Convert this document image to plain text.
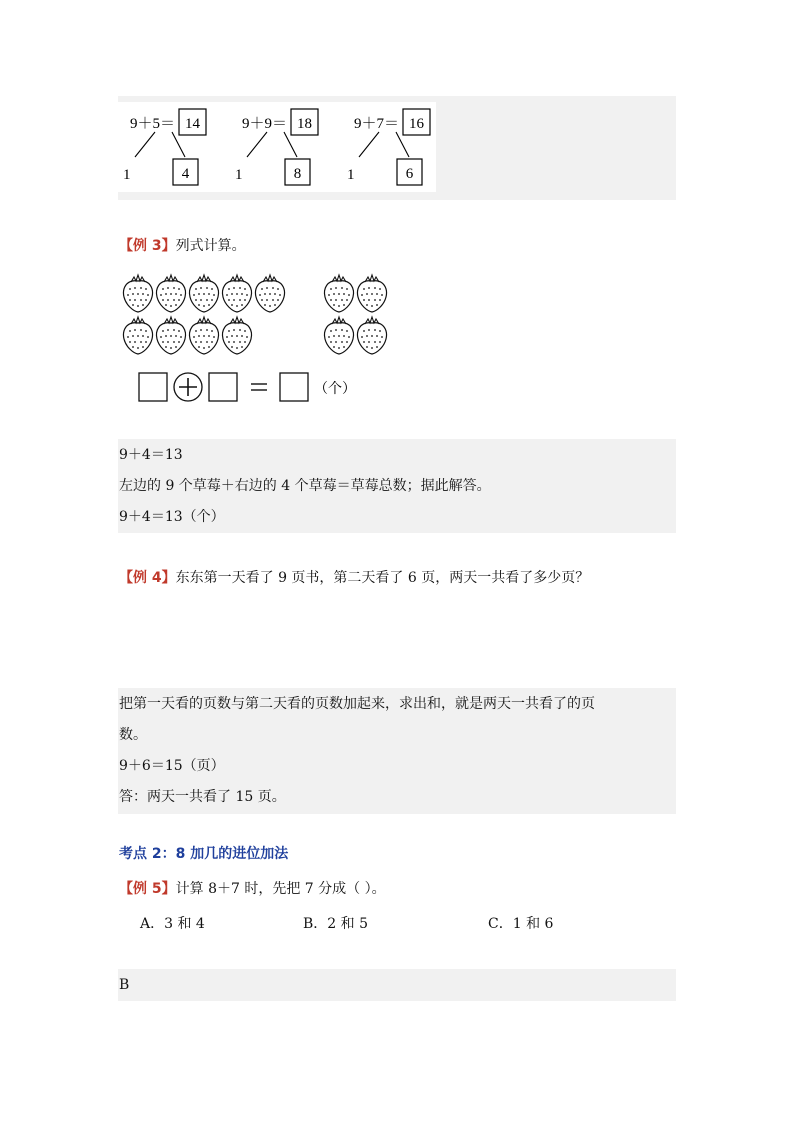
9＋5＝ 14
1	4
9＋9＝ 18
1	8
9＋7＝ 16
1	6
【例 3】列式计算。
（个）
9＋4＝13
左边的 9 个草莓＋右边的 4 个草莓＝草莓总数；据此解答。
9＋4＝13（个）
【例 4】东东第一天看了 9 页书，第二天看了 6 页，两天一共看了多少页？
把第一天看的页数与第二天看的页数加起来，求出和，就是两天一共看了的页
数。
9＋6＝15（页）
答：两天一共看了 15 页。
考点 2：8 加几的进位加法
【例 5】计算 8＋7 时，先把 7 分成（ ）。
A．3 和 4	B．2 和 5	C．1 和 6
B
